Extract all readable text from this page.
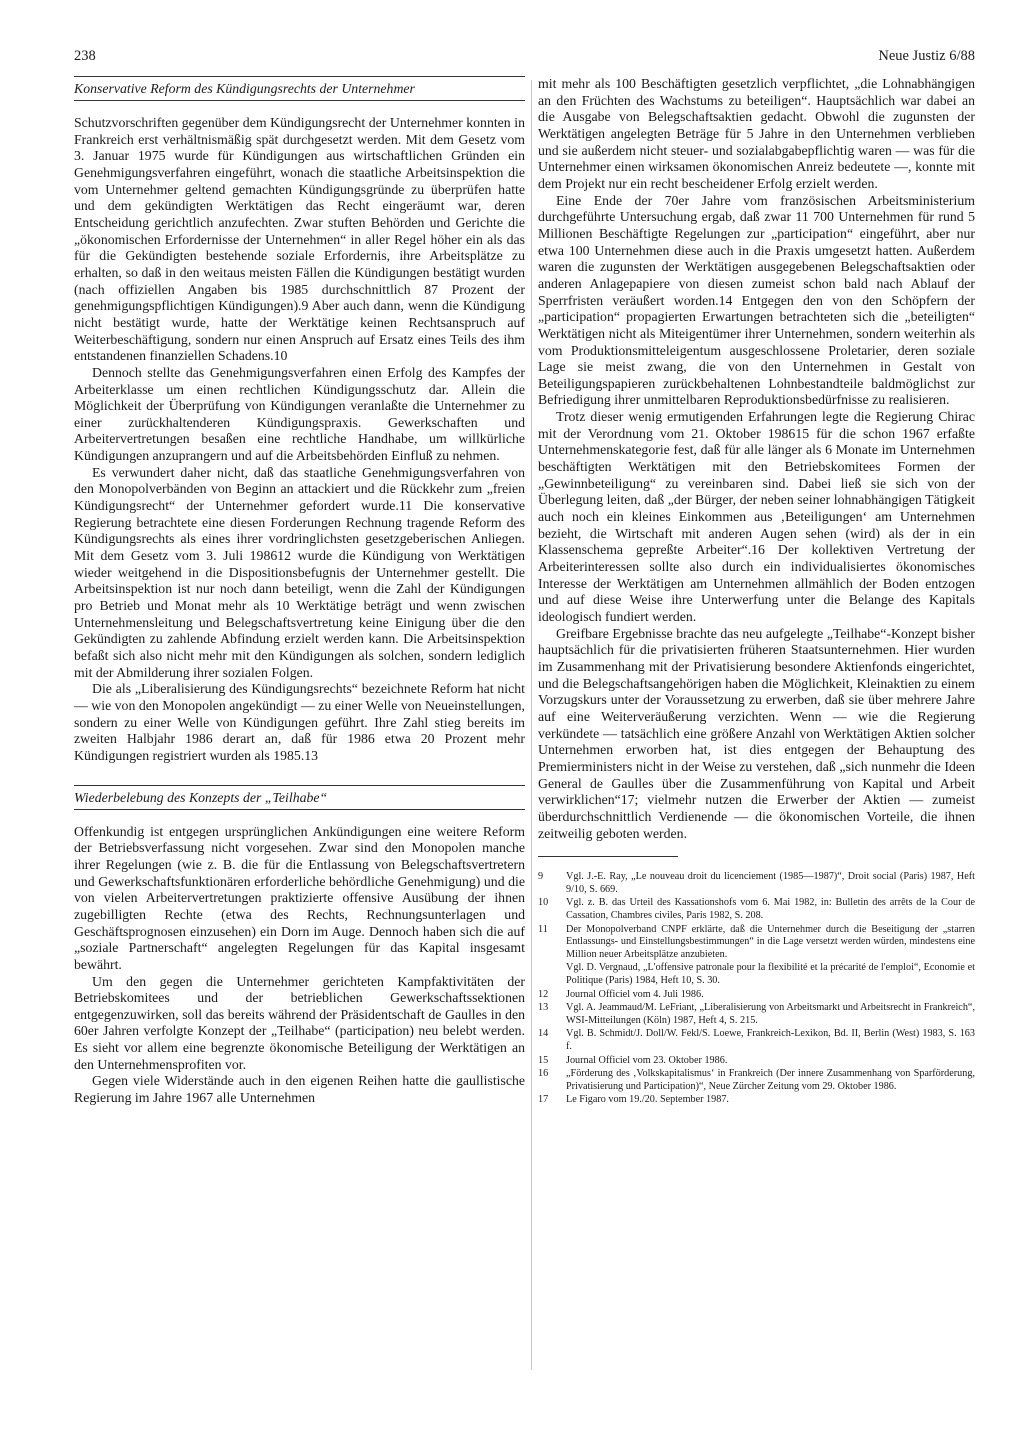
238	Neue Justiz 6/88
Konservative Reform des Kündigungsrechts der Unternehmer

Schutzvorschriften gegenüber dem Kündigungsrecht der Unternehmer konnten in Frankreich erst verhältnismäßig spät durchgesetzt werden. Mit dem Gesetz vom 3. Januar 1975 wurde für Kündigungen aus wirtschaftlichen Gründen ein Genehmigungsverfahren eingeführt, wonach die staatliche Arbeitsinspektion die vom Unternehmer geltend gemachten Kündigungsgründe zu überprüfen hatte und dem gekündigten Werktätigen das Recht eingeräumt war, deren Entscheidung gerichtlich anzufechten. Zwar stuften Behörden und Gerichte die „ökonomischen Erfordernisse der Unternehmen“ in aller Regel höher ein als das für die Gekündigten bestehende soziale Erfordernis, ihre Arbeitsplätze zu erhalten, so daß in den weitaus meisten Fällen die Kündigungen bestätigt wurden (nach offiziellen Angaben bis 1985 durchschnittlich 87 Prozent der genehmigungspflichtigen Kündigungen).9 Aber auch dann, wenn die Kündigung nicht bestätigt wurde, hatte der Werktätige keinen Rechtsanspruch auf Weiterbeschäftigung, sondern nur einen Anspruch auf Ersatz eines Teils des ihm entstandenen finanziellen Schadens.10

Dennoch stellte das Genehmigungsverfahren einen Erfolg des Kampfes der Arbeiterklasse um einen rechtlichen Kündigungsschutz dar. Allein die Möglichkeit der Überprüfung von Kündigungen veranlaßte die Unternehmer zu einer zurückhaltenderen Kündigungspraxis. Gewerkschaften und Arbeitervertretungen besaßen eine rechtliche Handhabe, um willkürliche Kündigungen anzuprangern und auf die Arbeitsbehörden Einfluß zu nehmen.

Es verwundert daher nicht, daß das staatliche Genehmigungsverfahren von den Monopolverbänden von Beginn an attackiert und die Rückkehr zum „freien Kündigungsrecht“ der Unternehmer gefordert wurde.11 Die konservative Regierung betrachtete eine diesen Forderungen Rechnung tragende Reform des Kündigungsrechts als eines ihrer vordringlichsten gesetzgeberischen Anliegen. Mit dem Gesetz vom 3. Juli 198612 wurde die Kündigung von Werktätigen wieder weitgehend in die Dispositionsbefugnis der Unternehmer gestellt. Die Arbeitsinspektion ist nur noch dann beteiligt, wenn die Zahl der Kündigungen pro Betrieb und Monat mehr als 10 Werktätige beträgt und wenn zwischen Unternehmensleitung und Belegschaftsvertretung keine Einigung über die den Gekündigten zu zahlende Abfindung erzielt werden kann. Die Arbeitsinspektion befaßt sich also nicht mehr mit den Kündigungen als solchen, sondern lediglich mit der Abmilderung ihrer sozialen Folgen.

Die als „Liberalisierung des Kündigungsrechts“ bezeichnete Reform hat nicht — wie von den Monopolen angekündigt — zu einer Welle von Neueinstellungen, sondern zu einer Welle von Kündigungen geführt. Ihre Zahl stieg bereits im zweiten Halbjahr 1986 derart an, daß für 1986 etwa 20 Prozent mehr Kündigungen registriert wurden als 1985.13

Wiederbelebung des Konzepts der „Teilhabe“

Offenkundig ist entgegen ursprünglichen Ankündigungen eine weitere Reform der Betriebsverfassung nicht vorgesehen. Zwar sind den Monopolen manche ihrer Regelungen (wie z. B. die für die Entlassung von Belegschaftsvertretern und Gewerkschaftsfunktionären erforderliche behördliche Genehmigung) und die von vielen Arbeitervertretungen praktizierte offensive Ausübung der ihnen zugebilligten Rechte (etwa des Rechts, Rechnungsunterlagen und Geschäftsprognosen einzusehen) ein Dorn im Auge. Dennoch haben sich die auf „soziale Partnerschaft“ angelegten Regelungen für das Kapital insgesamt bewährt.

Um den gegen die Unternehmer gerichteten Kampfaktivitäten der Betriebskomitees und der betrieblichen Gewerkschaftssektionen entgegenzuwirken, soll das bereits während der Präsidentschaft de Gaulles in den 60er Jahren verfolgte Konzept der „Teilhabe“ (participation) neu belebt werden. Es sieht vor allem eine begrenzte ökonomische Beteiligung der Werktätigen an den Unternehmensprofiten vor.

Gegen viele Widerstände auch in den eigenen Reihen hatte die gaullistische Regierung im Jahre 1967 alle Unternehmen

mit mehr als 100 Beschäftigten gesetzlich verpflichtet, „die Lohnabhängigen an den Früchten des Wachstums zu beteiligen“. Hauptsächlich war dabei an die Ausgabe von Belegschaftsaktien gedacht. Obwohl die zugunsten der Werktätigen angelegten Beträge für 5 Jahre in den Unternehmen verblieben und sie außerdem nicht steuer- und sozialabgabepflichtig waren — was für die Unternehmer einen wirksamen ökonomischen Anreiz bedeutete —, konnte mit dem Projekt nur ein recht bescheidener Erfolg erzielt werden.

Eine Ende der 70er Jahre vom französischen Arbeitsministerium durchgeführte Untersuchung ergab, daß zwar 11 700 Unternehmen für rund 5 Millionen Beschäftigte Regelungen zur „participation“ eingeführt, aber nur etwa 100 Unternehmen diese auch in die Praxis umgesetzt hatten. Außerdem waren die zugunsten der Werktätigen ausgegebenen Belegschaftsaktien oder anderen Anlagepapiere von diesen zumeist schon bald nach Ablauf der Sperrfristen veräußert worden.14 Entgegen den von den Schöpfern der „participation“ propagierten Erwartungen betrachteten sich die „beteiligten“ Werktätigen nicht als Miteigentümer ihrer Unternehmen, sondern weiterhin als vom Produktionsmitteleigentum ausgeschlossene Proletarier, deren soziale Lage sie meist zwang, die von den Unternehmen in Gestalt von Beteiligungspapieren zurückbehaltenen Lohnbestandteile baldmöglichst zur Befriedigung ihrer unmittelbaren Reproduktionsbedürfnisse zu realisieren.

Trotz dieser wenig ermutigenden Erfahrungen legte die Regierung Chirac mit der Verordnung vom 21. Oktober 198615 für die schon 1967 erfaßte Unternehmenskategorie fest, daß für alle länger als 6 Monate im Unternehmen beschäftigten Werktätigen mit den Betriebskomitees Formen der „Gewinnbeteiligung“ zu vereinbaren sind. Dabei ließ sie sich von der Überlegung leiten, daß „der Bürger, der neben seiner lohnabhängigen Tätigkeit auch noch ein kleines Einkommen aus ‚Beteiligungen‘ am Unternehmen bezieht, die Wirtschaft mit anderen Augen sehen (wird) als der in ein Klassenschema gepreßte Arbeiter“.16 Der kollektiven Vertretung der Arbeiterinteressen sollte also durch ein individualisiertes ökonomisches Interesse der Werktätigen am Unternehmen allmählich der Boden entzogen und auf diese Weise ihre Unterwerfung unter die Belange des Kapitals ideologisch fundiert werden.

Greifbare Ergebnisse brachte das neu aufgelegte „Teilhabe“-Konzept bisher hauptsächlich für die privatisierten früheren Staatsunternehmen. Hier wurden im Zusammenhang mit der Privatisierung besondere Aktienfonds eingerichtet, und die Belegschaftsangehörigen haben die Möglichkeit, Kleinaktien zu einem Vorzugskurs unter der Voraussetzung zu erwerben, daß sie über mehrere Jahre auf eine Weiterveräußerung verzichten. Wenn — wie die Regierung verkündete — tatsächlich eine größere Anzahl von Werktätigen Aktien solcher Unternehmen erworben hat, ist dies entgegen der Behauptung des Premierministers nicht in der Weise zu verstehen, daß „sich nunmehr die Ideen General de Gaulles über die Zusammenführung von Kapital und Arbeit verwirklichen“17; vielmehr nutzen die Erwerber der Aktien — zumeist überdurchschnittlich Verdienende — die ökonomischen Vorteile, die ihnen zeitweilig geboten werden.

9	Vgl. J.-E. Ray, „Le nouveau droit du licenciement (1985—1987)“, Droit social (Paris) 1987, Heft 9/10, S. 669.
10	Vgl. z. B. das Urteil des Kassationshofs vom 6. Mai 1982, in: Bulletin des arrêts de la Cour de Cassation, Chambres civiles, Paris 1982, S. 208.
11	Der Monopolverband CNPF erklärte, daß die Unternehmer durch die Beseitigung der „starren Entlassungs- und Einstellungsbestimmungen“ in die Lage versetzt werden würden, mindestens eine Million neuer Arbeitsplätze anzubieten.
Vgl. D. Vergnaud, „L'offensive patronale pour la flexibilité et la précarité de l'emploi“, Economie et Politique (Paris) 1984, Heft 10, S. 30.
12	Journal Officiel vom 4. Juli 1986.
13	Vgl. A. Jeammaud/M. LeFriant, „Liberalisierung von Arbeitsmarkt und Arbeitsrecht in Frankreich“, WSI-Mitteilungen (Köln) 1987, Heft 4, S. 215.
14	Vgl. B. Schmidt/J. Doll/W. Fekl/S. Loewe, Frankreich-Lexikon, Bd. II, Berlin (West) 1983, S. 163 f.
15	Journal Officiel vom 23. Oktober 1986.
16	„Förderung des ‚Volkskapitalismus‘ in Frankreich (Der innere Zusammenhang von Sparförderung, Privatisierung und Participation)“, Neue Zürcher Zeitung vom 29. Oktober 1986.
17	Le Figaro vom 19./20. September 1987.
